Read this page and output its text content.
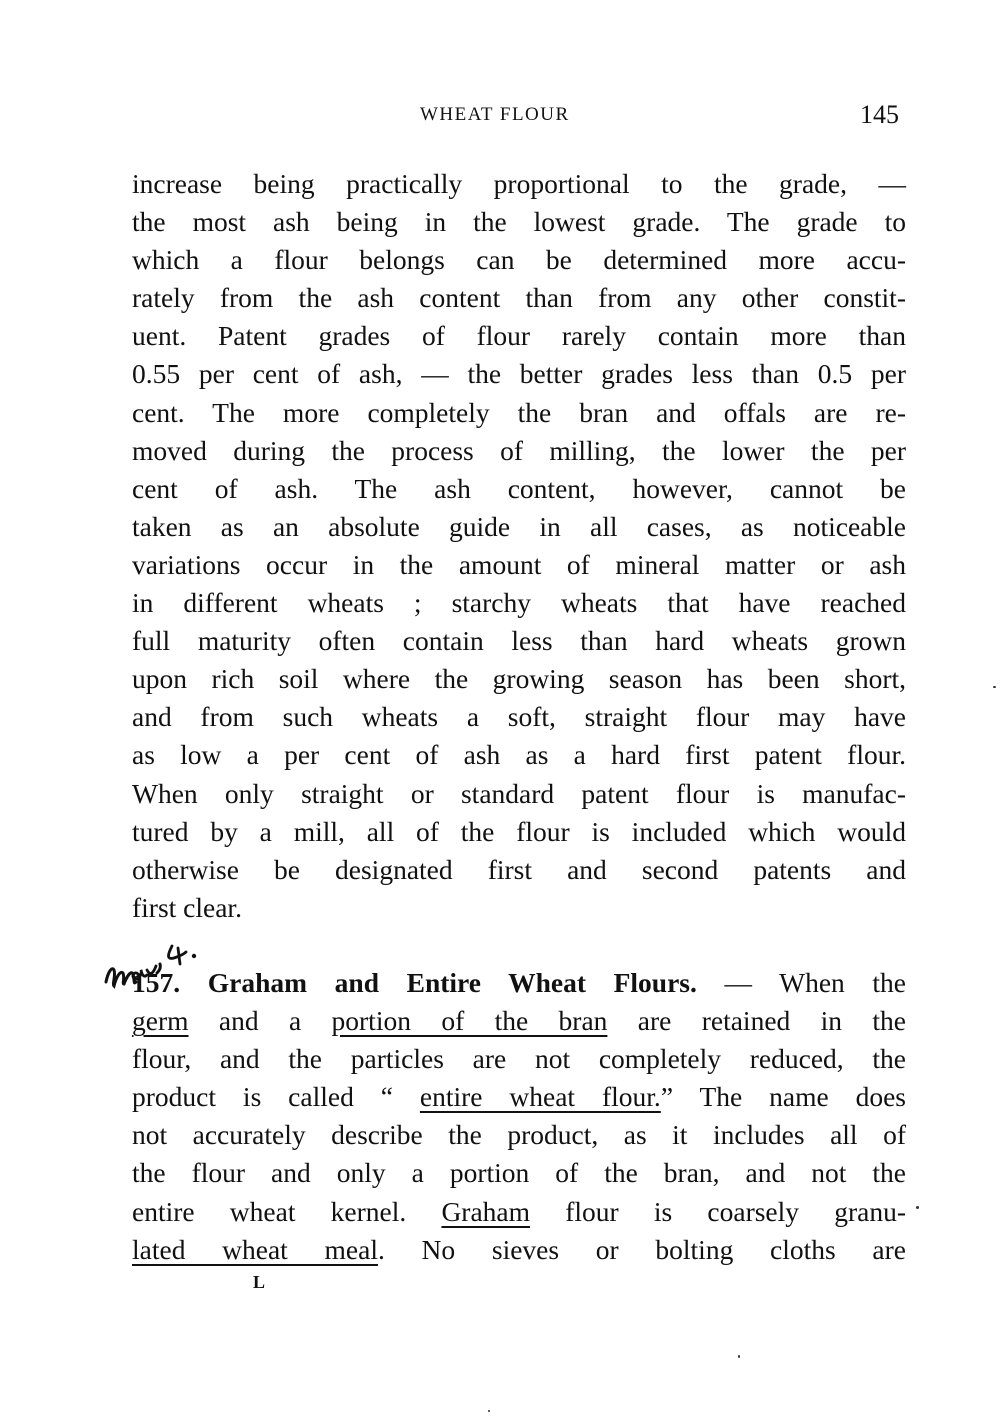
WHEAT FLOUR	145
increase being practically proportional to the grade, —
the most ash being in the lowest grade. The grade to
which a flour belongs can be determined more accu-
rately from the ash content than from any other constit-
uent. Patent grades of flour rarely contain more than
0.55 per cent of ash, — the better grades less than 0.5 per
cent. The more completely the bran and offals are re-
moved during the process of milling, the lower the per
cent of ash. The ash content, however, cannot be
taken as an absolute guide in all cases, as noticeable
variations occur in the amount of mineral matter or ash
in different wheats ; starchy wheats that have reached
full maturity often contain less than hard wheats grown
upon rich soil where the growing season has been short,
and from such wheats a soft, straight flour may have
as low a per cent of ash as a hard first patent flour.
When only straight or standard patent flour is manufac-
tured by a mill, all of the flour is included which would
otherwise be designated first and second patents and
first clear.
157. Graham and Entire Wheat Flours. — When the
germ and a portion of the bran are retained in the
flour, and the particles are not completely reduced, the
product is called “ entire wheat flour.” The name does
not accurately describe the product, as it includes all of
the flour and only a portion of the bran, and not the
entire wheat kernel. Graham flour is coarsely granu-
lated wheat meal. No sieves or bolting cloths are
L
